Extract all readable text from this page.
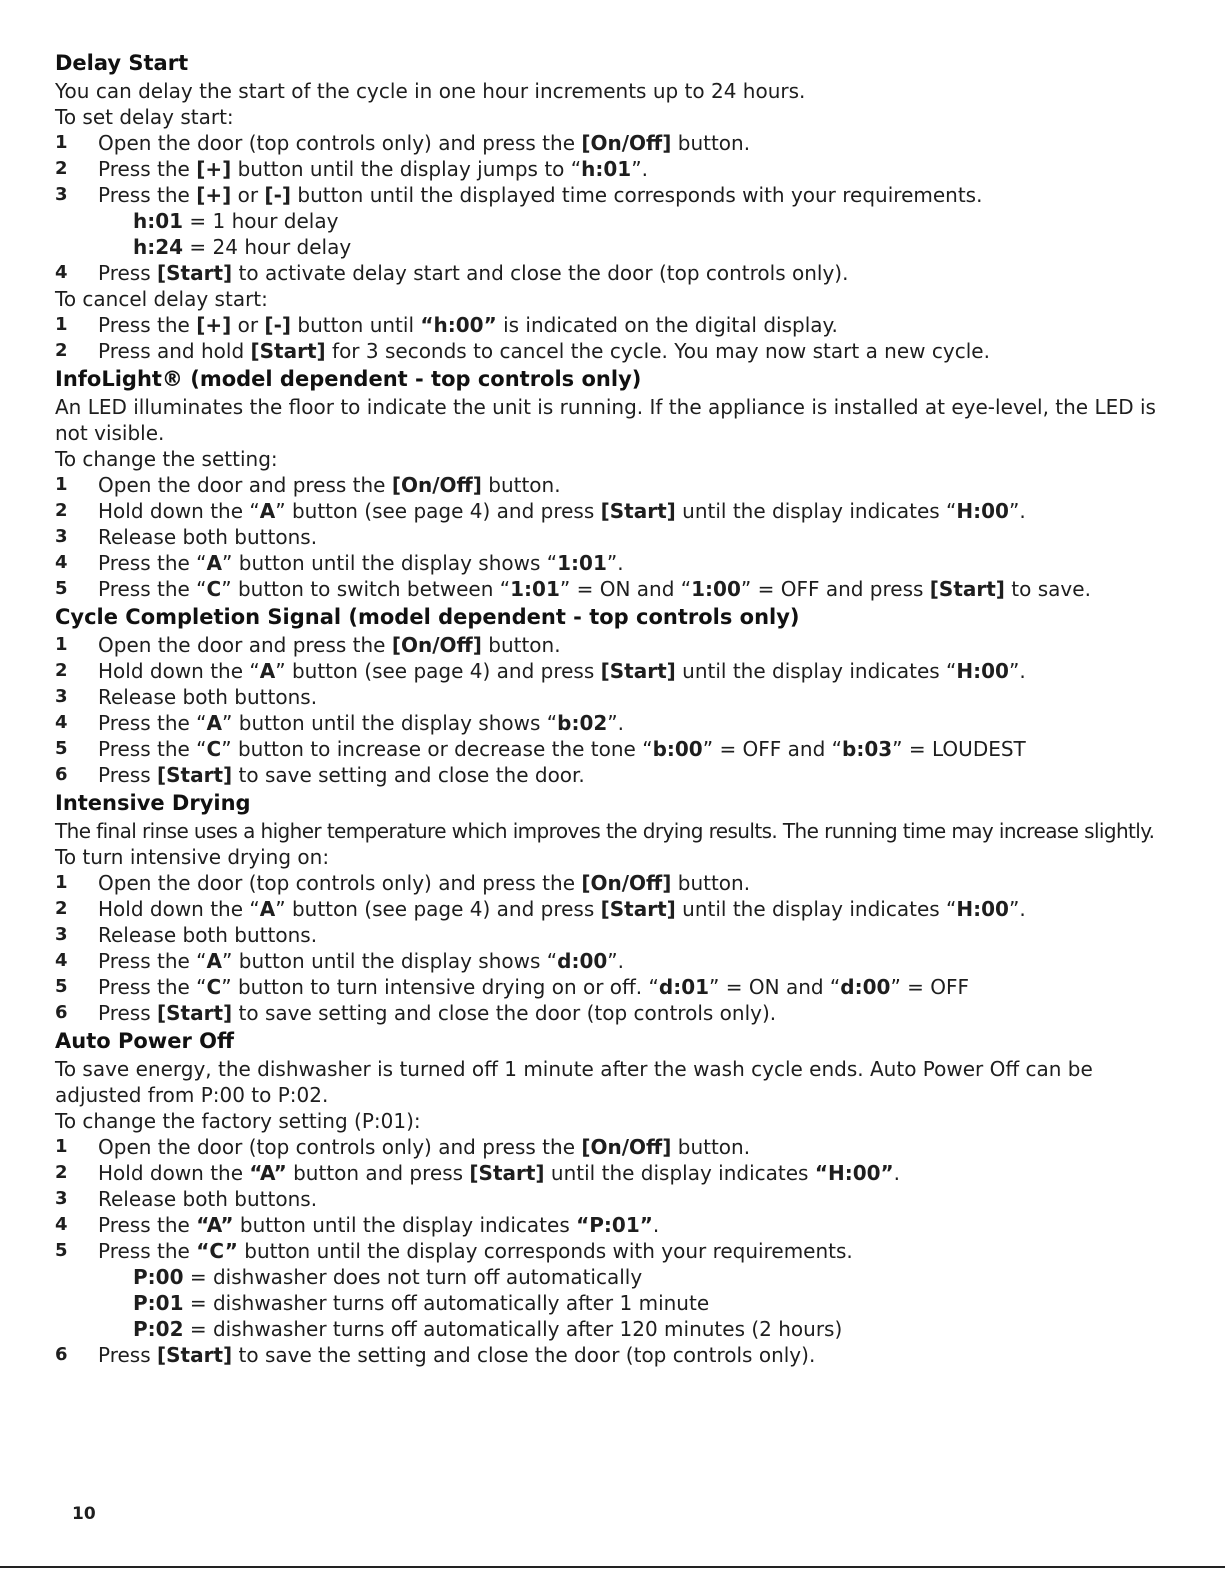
Delay Start

You can delay the start of the cycle in one hour increments up to 24 hours.

To set delay start:

1	Open the door (top controls only) and press the [On/Off] button.
2	Press the [+] button until the display jumps to “h:01”.
3	Press the [+] or [-] button until the displayed time corresponds with your requirements.

h:01 = 1 hour delay

h:24 = 24 hour delay

4	Press [Start] to activate delay start and close the door (top controls only).

To cancel delay start:

1	Press the [+] or [-] button until “h:00” is indicated on the digital display.
2	Press and hold [Start] for 3 seconds to cancel the cycle. You may now start a new cycle.
InfoLight® (model dependent - top controls only)

An LED illuminates the floor to indicate the unit is running. If the appliance is installed at eye-level, the LED is not visible.

To change the setting:

1	Open the door and press the [On/Off] button.
2	Hold down the “A” button (see page 4) and press [Start] until the display indicates “H:00”.
3	Release both buttons.
4	Press the “A” button until the display shows “1:01”.
5	Press the “C” button to switch between “1:01” = ON and “1:00” = OFF and press [Start] to save.
Cycle Completion Signal (model dependent - top controls only)
1	Open the door and press the [On/Off] button.
2	Hold down the “A” button (see page 4) and press [Start] until the display indicates “H:00”.
3	Release both buttons.
4	Press the “A” button until the display shows “b:02”.
5	Press the “C” button to increase or decrease the tone “b:00” = OFF and “b:03” = LOUDEST
6	Press [Start] to save setting and close the door.
Intensive Drying

The final rinse uses a higher temperature which improves the drying results. The running time may increase slightly.

To turn intensive drying on:

1	Open the door (top controls only) and press the [On/Off] button.
2	Hold down the “A” button (see page 4) and press [Start] until the display indicates “H:00”.
3	Release both buttons.
4	Press the “A” button until the display shows “d:00”.
5	Press the “C” button to turn intensive drying on or off. “d:01” = ON and “d:00” = OFF
6	Press [Start] to save setting and close the door (top controls only).
Auto Power Off

To save energy, the dishwasher is turned off 1 minute after the wash cycle ends. Auto Power Off can be adjusted from P:00 to P:02.

To change the factory setting (P:01):

1	Open the door (top controls only) and press the [On/Off] button.
2	Hold down the “A” button and press [Start] until the display indicates “H:00”.
3	Release both buttons.
4	Press the “A” button until the display indicates “P:01”.
5	Press the “C” button until the display corresponds with your requirements.

P:00 = dishwasher does not turn off automatically

P:01 = dishwasher turns off automatically after 1 minute

P:02 = dishwasher turns off automatically after 120 minutes (2 hours)

6	Press [Start] to save the setting and close the door (top controls only).
10
